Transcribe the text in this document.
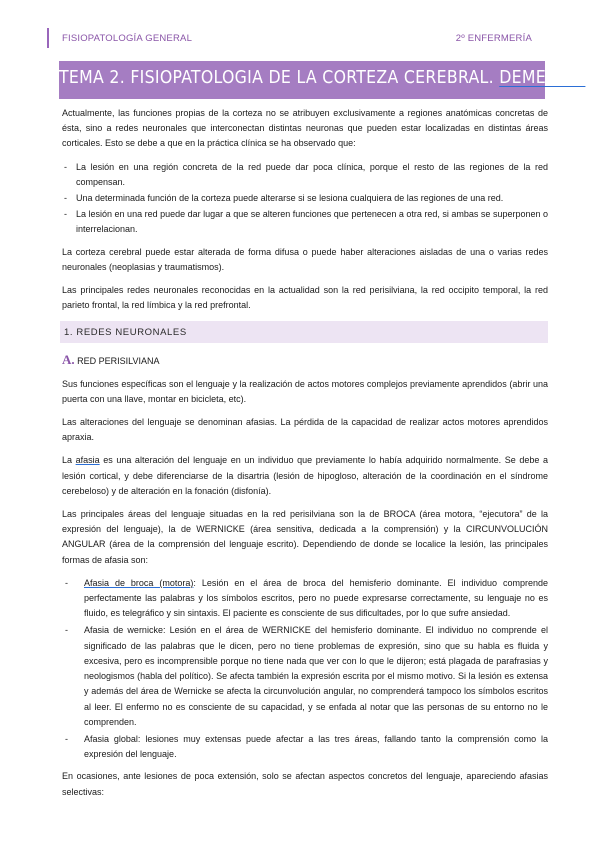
FISIOPATOLOGÍA GENERAL	2º ENFERMERÍA
TEMA 2. FISIOPATOLOGIA DE LA CORTEZA CEREBRAL. DEMENCIA

Actualmente, las funciones propias de la corteza no se atribuyen exclusivamente a regiones anatómicas concretas de ésta, sino a redes neuronales que interconectan distintas neuronas que pueden estar localizadas en distintas áreas corticales. Esto se debe a que en la práctica clínica se ha observado que:

- La lesión en una región concreta de la red puede dar poca clínica, porque el resto de las regiones de la red compensan.
- Una determinada función de la corteza puede alterarse si se lesiona cualquiera de las regiones de una red.
- La lesión en una red puede dar lugar a que se alteren funciones que pertenecen a otra red, si ambas se superponen o interrelacionan.

La corteza cerebral puede estar alterada de forma difusa o puede haber alteraciones aisladas de una o varias redes neuronales (neoplasias y traumatismos).

Las principales redes neuronales reconocidas en la actualidad son la red perisilviana, la red occipito temporal, la red parieto frontal, la red límbica y la red prefrontal.

1. REDES NEURONALES
A. RED PERISILVIANA

Sus funciones específicas son el lenguaje y la realización de actos motores complejos previamente aprendidos (abrir una puerta con una llave, montar en bicicleta, etc).

Las alteraciones del lenguaje se denominan afasias. La pérdida de la capacidad de realizar actos motores aprendidos apraxia.

La afasia es una alteración del lenguaje en un individuo que previamente lo había adquirido normalmente. Se debe a lesión cortical, y debe diferenciarse de la disartria (lesión de hipogloso, alteración de la coordinación en el síndrome cerebeloso) y de alteración en la fonación (disfonía).

Las principales áreas del lenguaje situadas en la red perisilviana son la de BROCA (área motora, “ejecutora” de la expresión del lenguaje), la de WERNICKE (área sensitiva, dedicada a la comprensión) y la CIRCUNVOLUCIÓN ANGULAR (área de la comprensión del lenguaje escrito). Dependiendo de donde se localice la lesión, las principales formas de afasia son:

- Afasia de broca (motora): Lesión en el área de broca del hemisferio dominante. El individuo comprende perfectamente las palabras y los símbolos escritos, pero no puede expresarse correctamente, su lenguaje no es fluido, es telegráfico y sin sintaxis. El paciente es consciente de sus dificultades, por lo que sufre ansiedad.
- Afasia de wernicke: Lesión en el área de WERNICKE del hemisferio dominante. El individuo no comprende el significado de las palabras que le dicen, pero no tiene problemas de expresión, sino que su habla es fluida y excesiva, pero es incomprensible porque no tiene nada que ver con lo que le dijeron; está plagada de parafrasias y neologismos (habla del político). Se afecta también la expresión escrita por el mismo motivo. Si la lesión es extensa y además del área de Wernicke se afecta la circunvolución angular, no comprenderá tampoco los símbolos escritos al leer. El enfermo no es consciente de su capacidad, y se enfada al notar que las personas de su entorno no le comprenden.
- Afasia global: lesiones muy extensas puede afectar a las tres áreas, fallando tanto la comprensión como la expresión del lenguaje.

En ocasiones, ante lesiones de poca extensión, solo se afectan aspectos concretos del lenguaje, apareciendo afasias selectivas:
